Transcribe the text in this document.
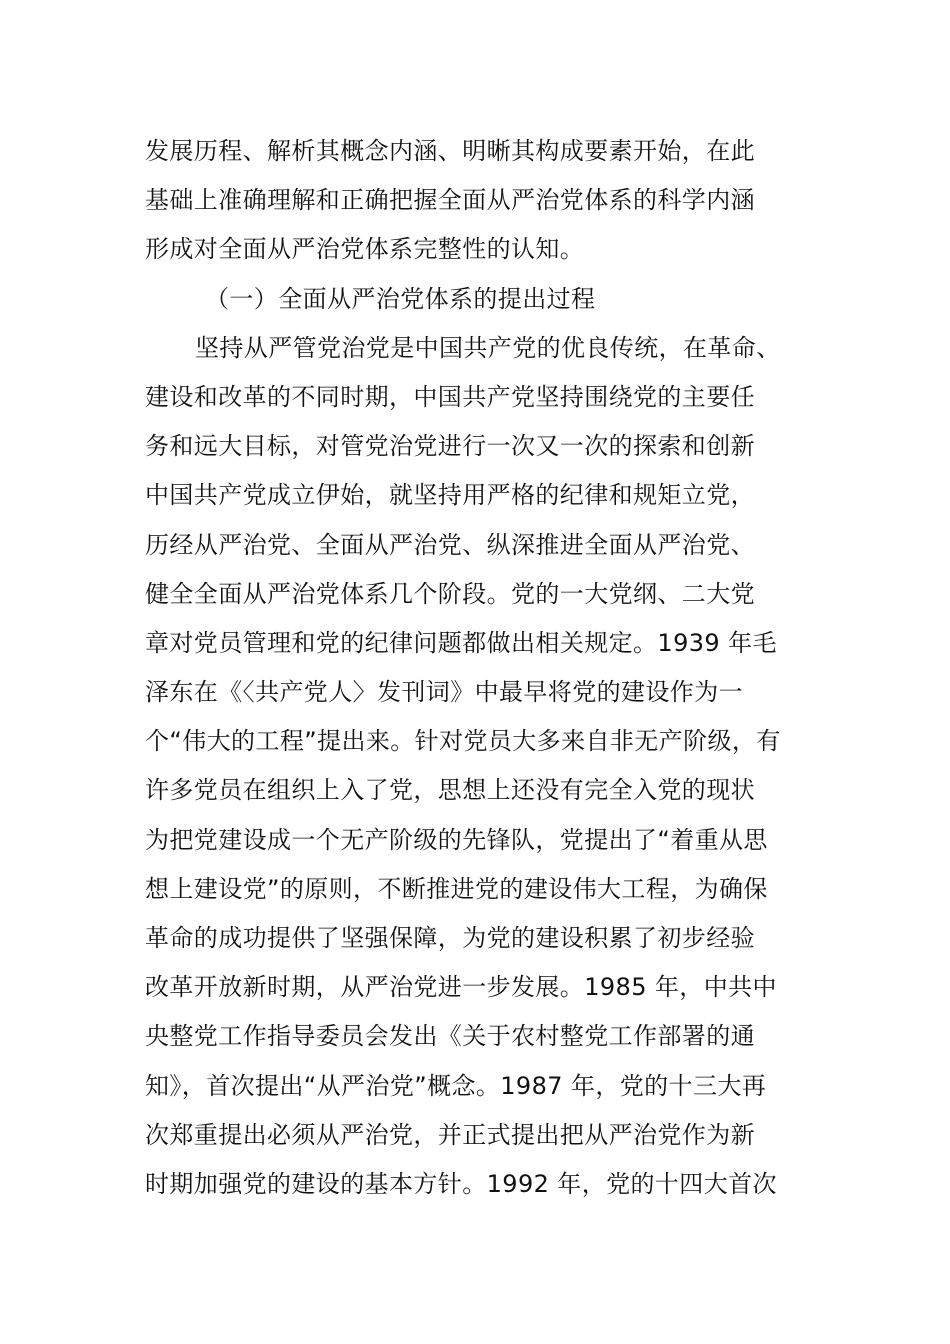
发展历程、解析其概念内涵、明晰其构成要素开始，在此
基础上准确理解和正确把握全面从严治党体系的科学内涵
形成对全面从严治党体系完整性的认知。
（一）全面从严治党体系的提出过程
坚持从严管党治党是中国共产党的优良传统，在革命、
建设和改革的不同时期，中国共产党坚持围绕党的主要任
务和远大目标，对管党治党进行一次又一次的探索和创新
中国共产党成立伊始，就坚持用严格的纪律和规矩立党，
历经从严治党、全面从严治党、纵深推进全面从严治党、
健全全面从严治党体系几个阶段。党的一大党纲、二大党
章对党员管理和党的纪律问题都做出相关规定。1939 年毛
泽东在《〈共产党人〉发刊词》中最早将党的建设作为一
个“伟大的工程”提出来。针对党员大多来自非无产阶级，有
许多党员在组织上入了党，思想上还没有完全入党的现状
为把党建设成一个无产阶级的先锋队，党提出了“着重从思
想上建设党”的原则，不断推进党的建设伟大工程，为确保
革命的成功提供了坚强保障，为党的建设积累了初步经验
改革开放新时期，从严治党进一步发展。1985 年，中共中
央整党工作指导委员会发出《关于农村整党工作部署的通
知》，首次提出“从严治党”概念。1987 年，党的十三大再
次郑重提出必须从严治党，并正式提出把从严治党作为新
时期加强党的建设的基本方针。1992 年，党的十四大首次
